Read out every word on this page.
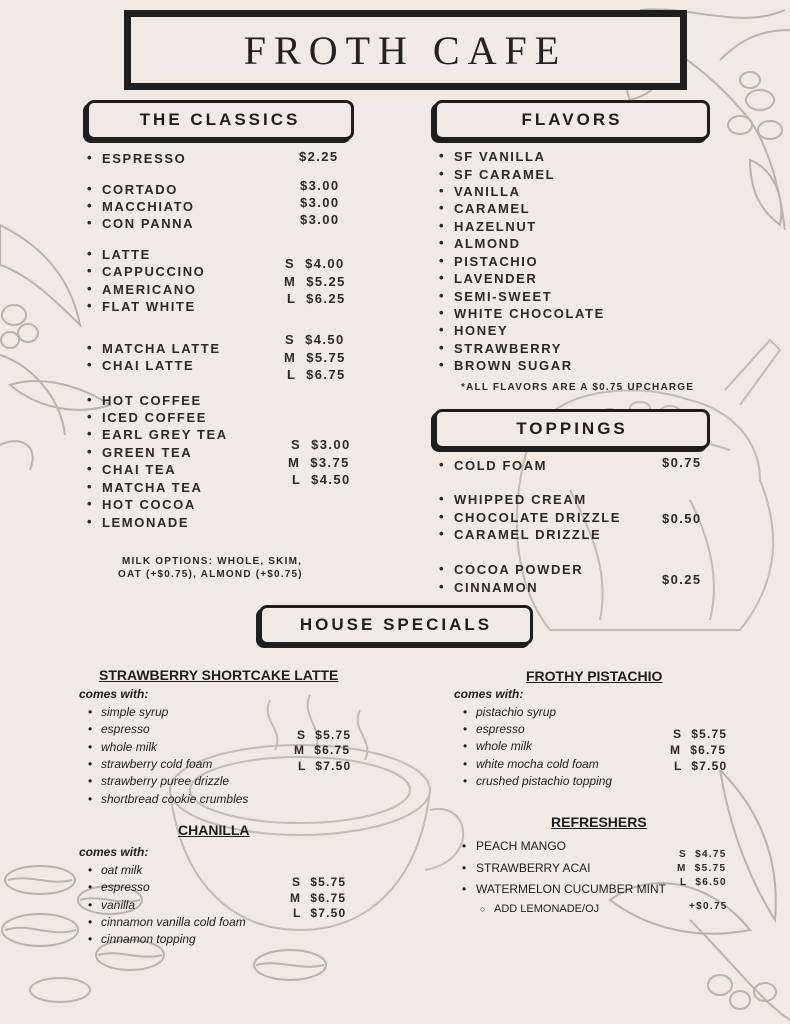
FROTH CAFE
THE CLASSICS
• ESPRESSO	$2.25
• CORTADO
• MACCHIATO
• CON PANNA
$3.00
$3.00
$3.00
• LATTE
• CAPPUCCINO
• AMERICANO
• FLAT WHITE
S  $4.00
M  $5.25
L  $6.25
• MATCHA LATTE
• CHAI LATTE
S  $4.50
M  $5.75
L  $6.75
• HOT COFFEE
• ICED COFFEE
• EARL GREY TEA
• GREEN TEA
• CHAI TEA
• MATCHA TEA
• HOT COCOA
• LEMONADE
S  $3.00
M  $3.75
L  $4.50
MILK OPTIONS: WHOLE, SKIM,
OAT (+$0.75), ALMOND (+$0.75)
FLAVORS
• SF VANILLA
• SF CARAMEL
• VANILLA
• CARAMEL
• HAZELNUT
• ALMOND
• PISTACHIO
• LAVENDER
• SEMI-SWEET
• WHITE CHOCOLATE
• HONEY
• STRAWBERRY
• BROWN SUGAR
*ALL FLAVORS ARE A $0.75 UPCHARGE
TOPPINGS
• COLD FOAM	$0.75
• WHIPPED CREAM
• CHOCOLATE DRIZZLE
• CARAMEL DRIZZLE
$0.50
• COCOA POWDER
• CINNAMON
$0.25
HOUSE SPECIALS
STRAWBERRY SHORTCAKE LATTE
comes with:
• simple syrup
• espresso
• whole milk
• strawberry cold foam
• strawberry puree drizzle
• shortbread cookie crumbles
S  $5.75
M  $6.75
L  $7.50
CHANILLA
comes with:
• oat milk
• espresso
• vanilla
• cinnamon vanilla cold foam
• cinnamon topping
S  $5.75
M  $6.75
L  $7.50
FROTHY PISTACHIO
comes with:
• pistachio syrup
• espresso
• whole milk
• white mocha cold foam
• crushed pistachio topping
S  $5.75
M  $6.75
L  $7.50
REFRESHERS
• PEACH MANGO
• STRAWBERRY ACAI
• WATERMELON CUCUMBER MINT
○ ADD LEMONADE/OJ
S  $4.75
M  $5.75
L  $6.50
+$0.75
